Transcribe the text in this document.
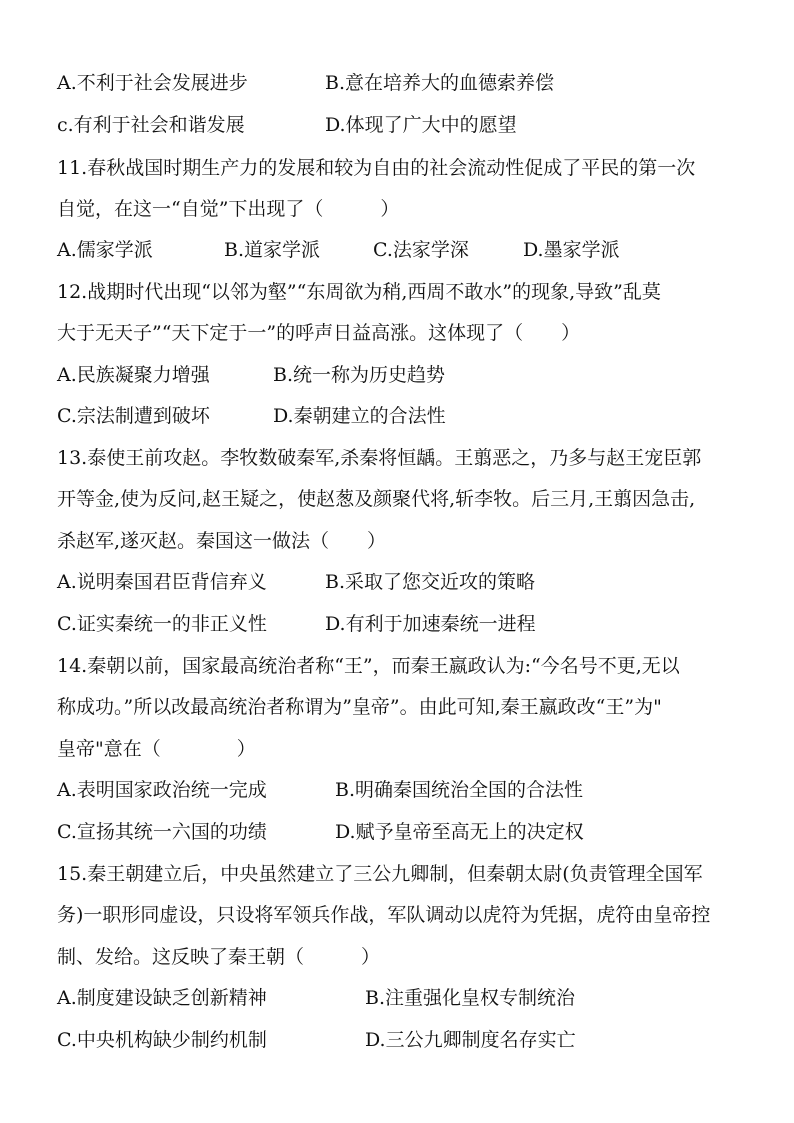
A.不利于社会发展进步	B.意在培养大的血德索养偿
c.有利于社会和谐发展	D.体现了广大中的愿望
11.春秋战国时期生产力的发展和较为自由的社会流动性促成了平民的第一次
自觉，在这一“自觉”下出现了（　　　）
A.儒家学派	B.道家学派	C.法家学深	D.墨家学派
12.战期时代出现“以邻为壑”“东周欲为稍,西周不敢水”的现象,导致”乱莫
大于无天子”“天下定于一”的呼声日益高涨。这体现了（　　）
A.民族凝聚力增强	B.统一称为历史趋势
C.宗法制遭到破坏	D.秦朝建立的合法性
13.泰使王前攻赵。李牧数破秦军,杀秦将恒龋。王翦恶之，乃多与赵王宠臣郭
开等金,使为反问,赵王疑之，使赵葱及颜聚代将,斩李牧。后三月,王翦因急击,
杀赵军,遂灭赵。秦国这一做法（　　）
A.说明秦国君臣背信弃义	B.采取了您交近攻的策略
C.证实秦统一的非正义性	D.有利于加速秦统一进程
14.秦朝以前，国家最高统治者称“王”，而秦王嬴政认为:“今名号不更,无以
称成功。”所以改最高统治者称谓为”皇帝”。由此可知,秦王嬴政改“王”为"
皇帝"意在（　　　　）
A.表明国家政治统一完成	B.明确秦国统治全国的合法性
C.宣扬其统一六国的功绩	D.赋予皇帝至高无上的决定权
15.秦王朝建立后，中央虽然建立了三公九卿制，但秦朝太尉(负责管理全国军
务)一职形同虚设，只设将军领兵作战，军队调动以虎符为凭据，虎符由皇帝控
制、发给。这反映了秦王朝（　　　）
A.制度建设缺乏创新精神	B.注重强化皇权专制统治
C.中央机构缺少制约机制	D.三公九卿制度名存实亡
